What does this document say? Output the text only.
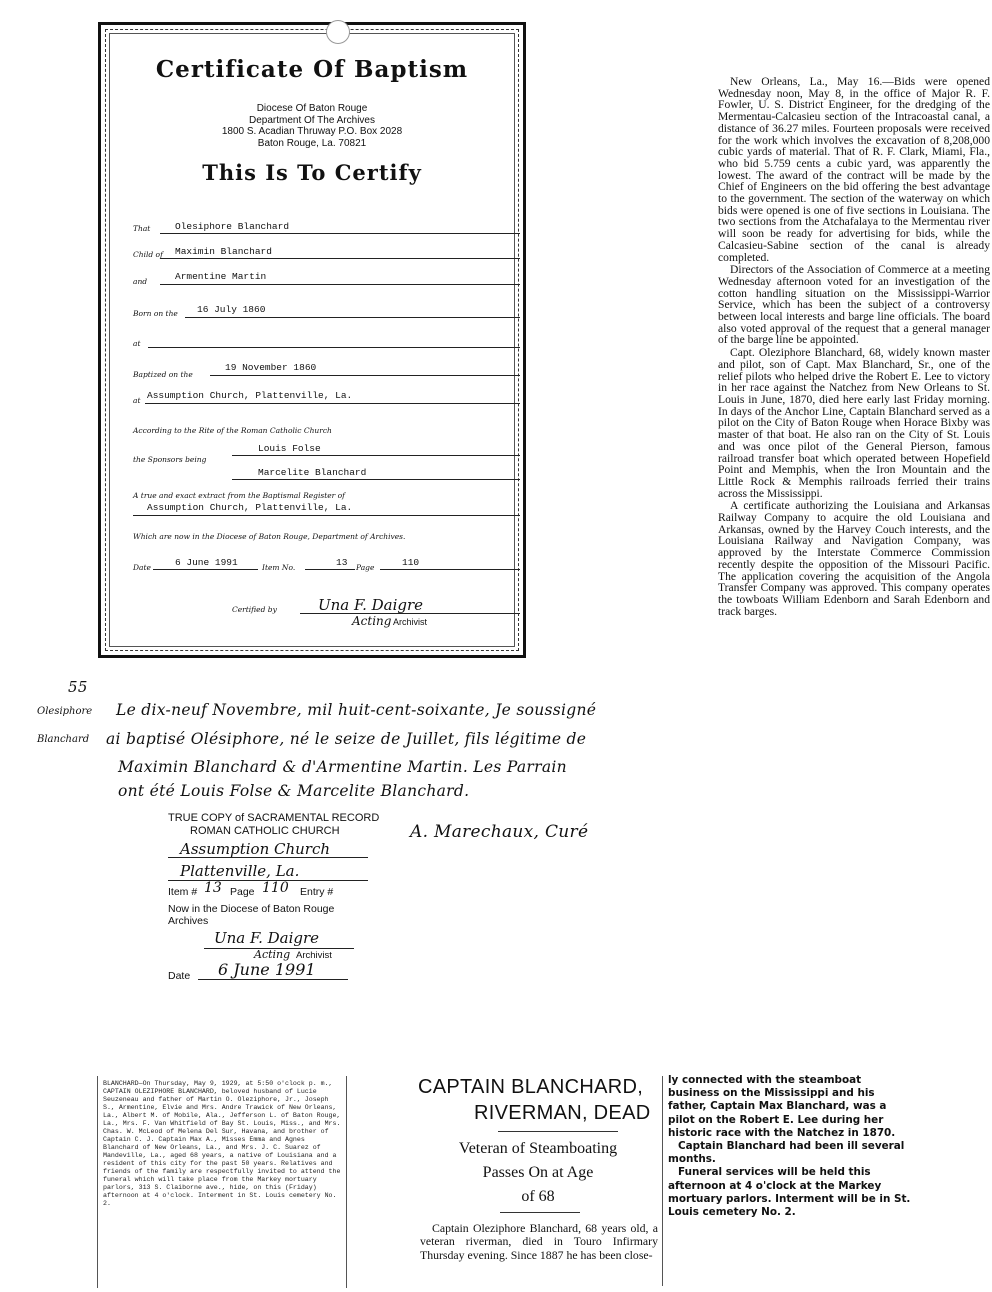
Certificate Of Baptism
Diocese Of Baton Rouge
Department Of The Archives
1800 S. Acadian Thruway P.O. Box 2028
Baton Rouge, La. 70821
This Is To Certify
That	Olesiphore Blanchard
Child of Maximin Blanchard
and	Armentine Martin
Born on the 16 July 1860
at
Baptized on the
19 November 1860
at Assumption Church, Plattenville, La.
According to the Rite of the Roman Catholic Church
Louis Folse
the Sponsors being
Marcelite Blanchard
A true and exact extract from the Baptismal Register of
Assumption Church, Plattenville, La.
Which are now in the Diocese of Baton Rouge, Department of Archives.
Date	6 June 1991	Item No.	13 Page	110
Certified by	Una F. Daigre
Acting Archivist
55
Olesiphore
Blanchard
Le dix-neuf Novembre, mil huit-cent-soixante, Je soussigné
ai baptisé Olésiphore, né le seize de Juillet, fils légitime de
Maximin Blanchard & d'Armentine Martin. Les Parrain
ont été Louis Folse & Marcelite Blanchard.
A. Marechaux, Curé
TRUE COPY of SACRAMENTAL RECORD
ROMAN CATHOLIC CHURCH
Assumption Church
Plattenville, La.
Item # 13 Page 110 Entry #
Now in the Diocese of Baton Rouge Archives
Una F. Daigre
Acting Archivist
Date 6 June 1991

New Orleans, La., May 16.—Bids were opened Wednesday noon, May 8, in the office of Major R. F. Fowler, U. S. District Engineer, for the dredging of the Mermentau-Calcasieu section of the Intracoastal canal, a distance of 36.27 miles. Fourteen proposals were received for the work which involves the excavation of 8,208,000 cubic yards of material. That of R. F. Clark, Miami, Fla., who bid 5.759 cents a cubic yard, was apparently the lowest. The award of the contract will be made by the Chief of Engineers on the bid offering the best advantage to the government. The section of the waterway on which bids were opened is one of five sections in Louisiana. The two sections from the Atchafalaya to the Mermentau river will soon be ready for advertising for bids, while the Calcasieu-Sabine section of the canal is already completed.

Directors of the Association of Commerce at a meeting Wednesday afternoon voted for an investigation of the cotton handling situation on the Mississippi-Warrior Service, which has been the subject of a controversy between local interests and barge line officials. The board also voted approval of the request that a general manager of the barge line be appointed.

Capt. Oleziphore Blanchard, 68, widely known master and pilot, son of Capt. Max Blanchard, Sr., one of the relief pilots who helped drive the Robert E. Lee to victory in her race against the Natchez from New Orleans to St. Louis in June, 1870, died here early last Friday morning. In days of the Anchor Line, Captain Blanchard served as a pilot on the City of Baton Rouge when Horace Bixby was master of that boat. He also ran on the City of St. Louis and was once pilot of the General Pierson, famous railroad transfer boat which operated between Hopefield Point and Memphis, when the Iron Mountain and the Little Rock & Memphis railroads ferried their trains across the Mississippi.

A certificate authorizing the Louisiana and Arkansas Railway Company to acquire the old Louisiana and Arkansas, owned by the Harvey Couch interests, and the Louisiana Railway and Navigation Company, was approved by the Interstate Commerce Commission recently despite the opposition of the Missouri Pacific. The application covering the acquisition of the Angola Transfer Company was approved. This company operates the towboats William Edenborn and Sarah Edenborn and track barges.

BLANCHARD—On Thursday, May 9, 1929, at 5:50 o'clock p. m., CAPTAIN OLEZIPHORE BLANCHARD, beloved husband of Lucie Seuzeneau and father of Martin O. Oleziphore, Jr., Joseph S., Armentine, Elvie and Mrs. Andre Trawick of New Orleans, La., Albert M. of Mobile, Ala., Jefferson L. of Baton Rouge, La., Mrs. F. Van Whitfield of Bay St. Louis, Miss., and Mrs. Chas. W. McLeod of Melena Del Sur, Havana, and brother of Captain C. J. Captain Max A., Misses Emma and Agnes Blanchard of New Orleans, La., and Mrs. J. C. Suarez of Mandeville, La., aged 68 years, a native of Louisiana and a resident of this city for the past 50 years. Relatives and friends of the family are respectfully invited to attend the funeral which will take place from the Markey mortuary parlors, 313 S. Claiborne ave., hide, on this (Friday) afternoon at 4 o'clock. Interment in St. Louis cemetery No. 2.
CAPTAIN BLANCHARD,
RIVERMAN, DEAD
Veteran of Steamboating
Passes On at Age
of 68
Captain Oleziphore Blanchard, 68 years old, a veteran riverman, died in Touro Infirmary Thursday evening. Since 1887 he has been close-
ly connected with the steamboat business on the Mississippi and his father, Captain Max Blanchard, was a pilot on the Robert E. Lee during her historic race with the Natchez in 1870.
Captain Blanchard had been ill several months.
Funeral services will be held this afternoon at 4 o'clock at the Markey mortuary parlors. Interment will be in St. Louis cemetery No. 2.
